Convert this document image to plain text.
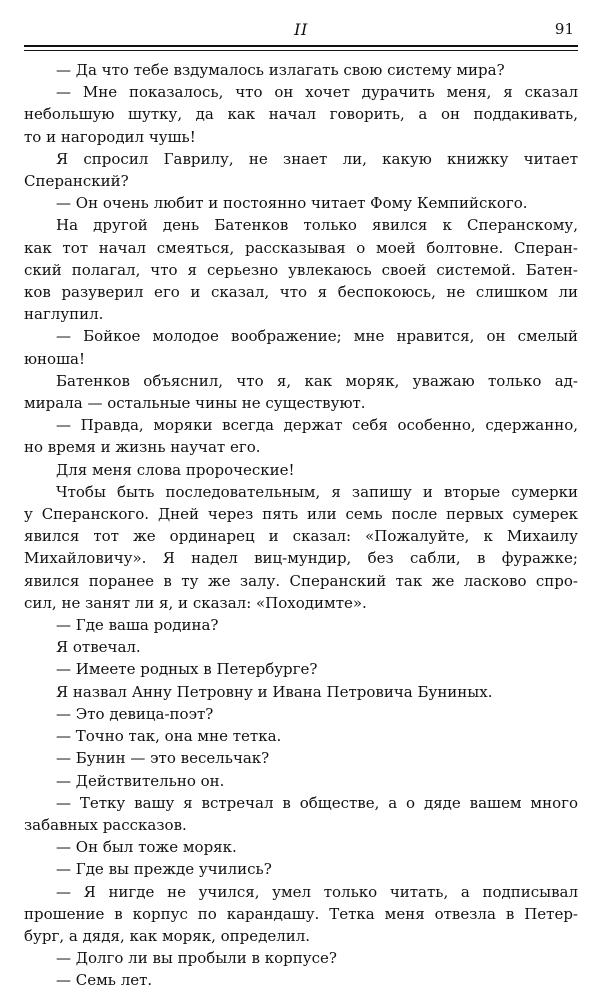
II	91
— Да что тебе вздумалось излагать свою систему мира?
— Мне показалось, что он хочет дурачить меня, я сказал
небольшую шутку, да как начал говорить, а он поддакивать,
то и нагородил чушь!
Я спросил Гаврилу, не знает ли, какую книжку читает
Сперанский?
— Он очень любит и постоянно читает Фому Кемпийского.
На другой день Батенков только явился к Сперанскому,
как тот начал смеяться, рассказывая о моей болтовне. Сперан-
ский полагал, что я серьезно увлекаюсь своей системой. Батен-
ков разуверил его и сказал, что я беспокоюсь, не слишком ли
наглупил.
— Бойкое молодое воображение; мне нравится, он смелый
юноша!
Батенков объяснил, что я, как моряк, уважаю только ад-
мирала — остальные чины не существуют.
— Правда, моряки всегда держат себя особенно, сдержанно,
но время и жизнь научат его.
Для меня слова пророческие!
Чтобы быть последовательным, я запишу и вторые сумерки
у Сперанского. Дней через пять или семь после первых сумерек
явился тот же ординарец и сказал: «Пожалуйте, к Михаилу
Михайловичу». Я надел виц-мундир, без сабли, в фуражке;
явился поранее в ту же залу. Сперанский так же ласково спро-
сил, не занят ли я, и сказал: «Походимте».
— Где ваша родина?
Я отвечал.
— Имеете родных в Петербурге?
Я назвал Анну Петровну и Ивана Петровича Буниных.
— Это девица-поэт?
— Точно так, она мне тетка.
— Бунин — это весельчак?
— Действительно он.
— Тетку вашу я встречал в обществе, а о дяде вашем много
забавных рассказов.
— Он был тоже моряк.
— Где вы прежде учились?
— Я нигде не учился, умел только читать, а подписывал
прошение в корпус по карандашу. Тетка меня отвезла в Петер-
бург, а дядя, как моряк, определил.
— Долго ли вы пробыли в корпусе?
— Семь лет.
